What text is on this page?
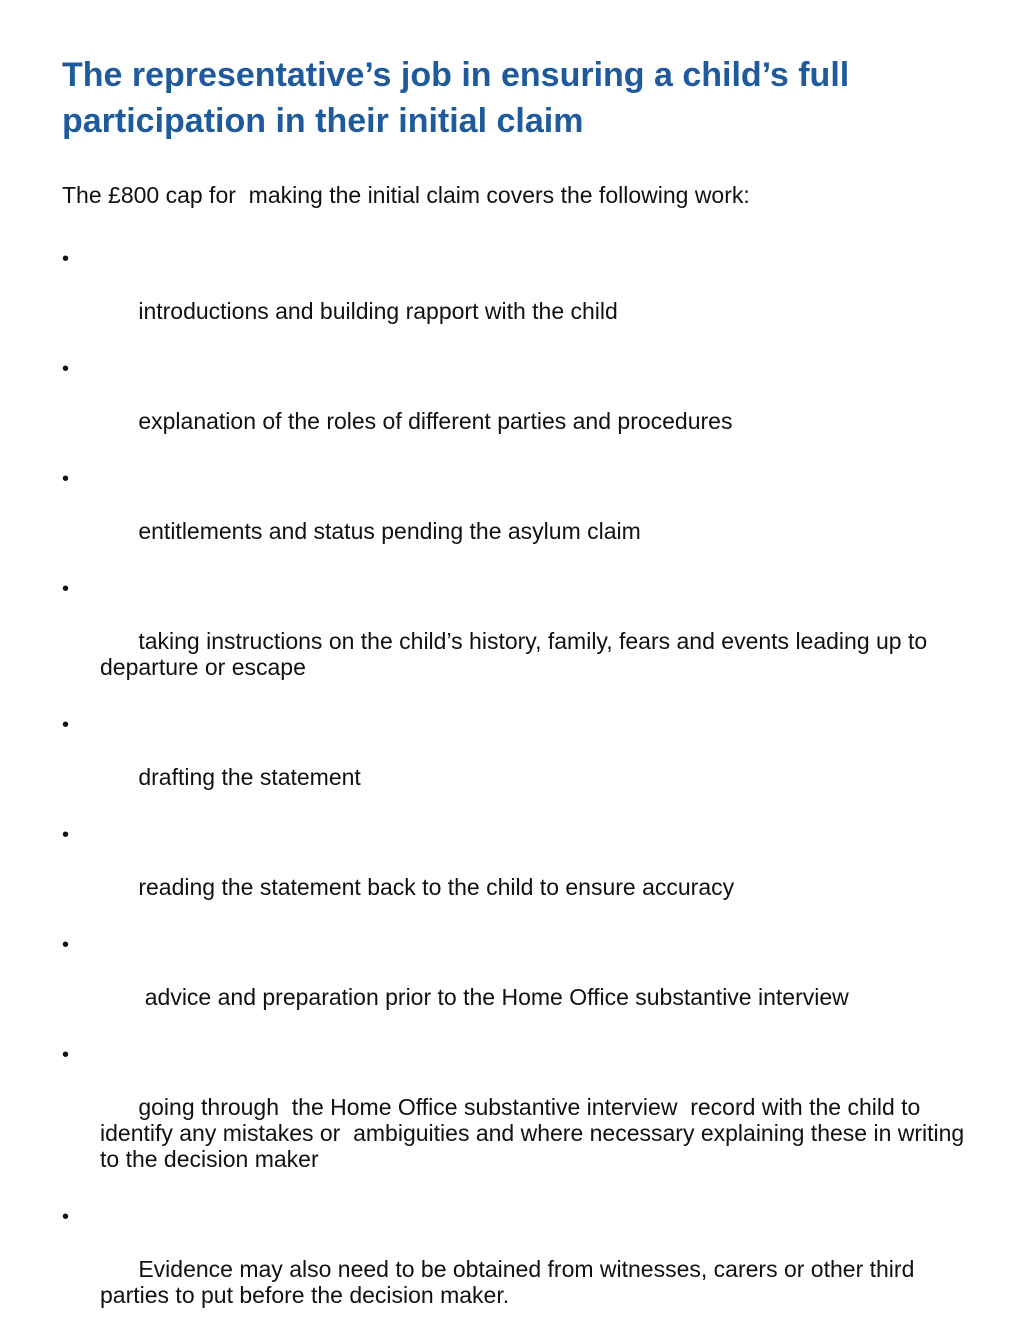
The representative’s job in ensuring a child’s full participation in their initial claim

The £800 cap for  making the initial claim covers the following work:

•

introductions and building rapport with the child

•

explanation of the roles of different parties and procedures

•

entitlements and status pending the asylum claim

•

taking instructions on the child’s history, family, fears and events leading up to departure or escape

•

drafting the statement

•

reading the statement back to the child to ensure accuracy

•

advice and preparation prior to the Home Office substantive interview

•

going through  the Home Office substantive interview  record with the child to identify any mistakes or  ambiguities and where necessary explaining these in writing  to the decision maker

•

Evidence may also need to be obtained from witnesses, carers or other third parties to put before the decision maker.
